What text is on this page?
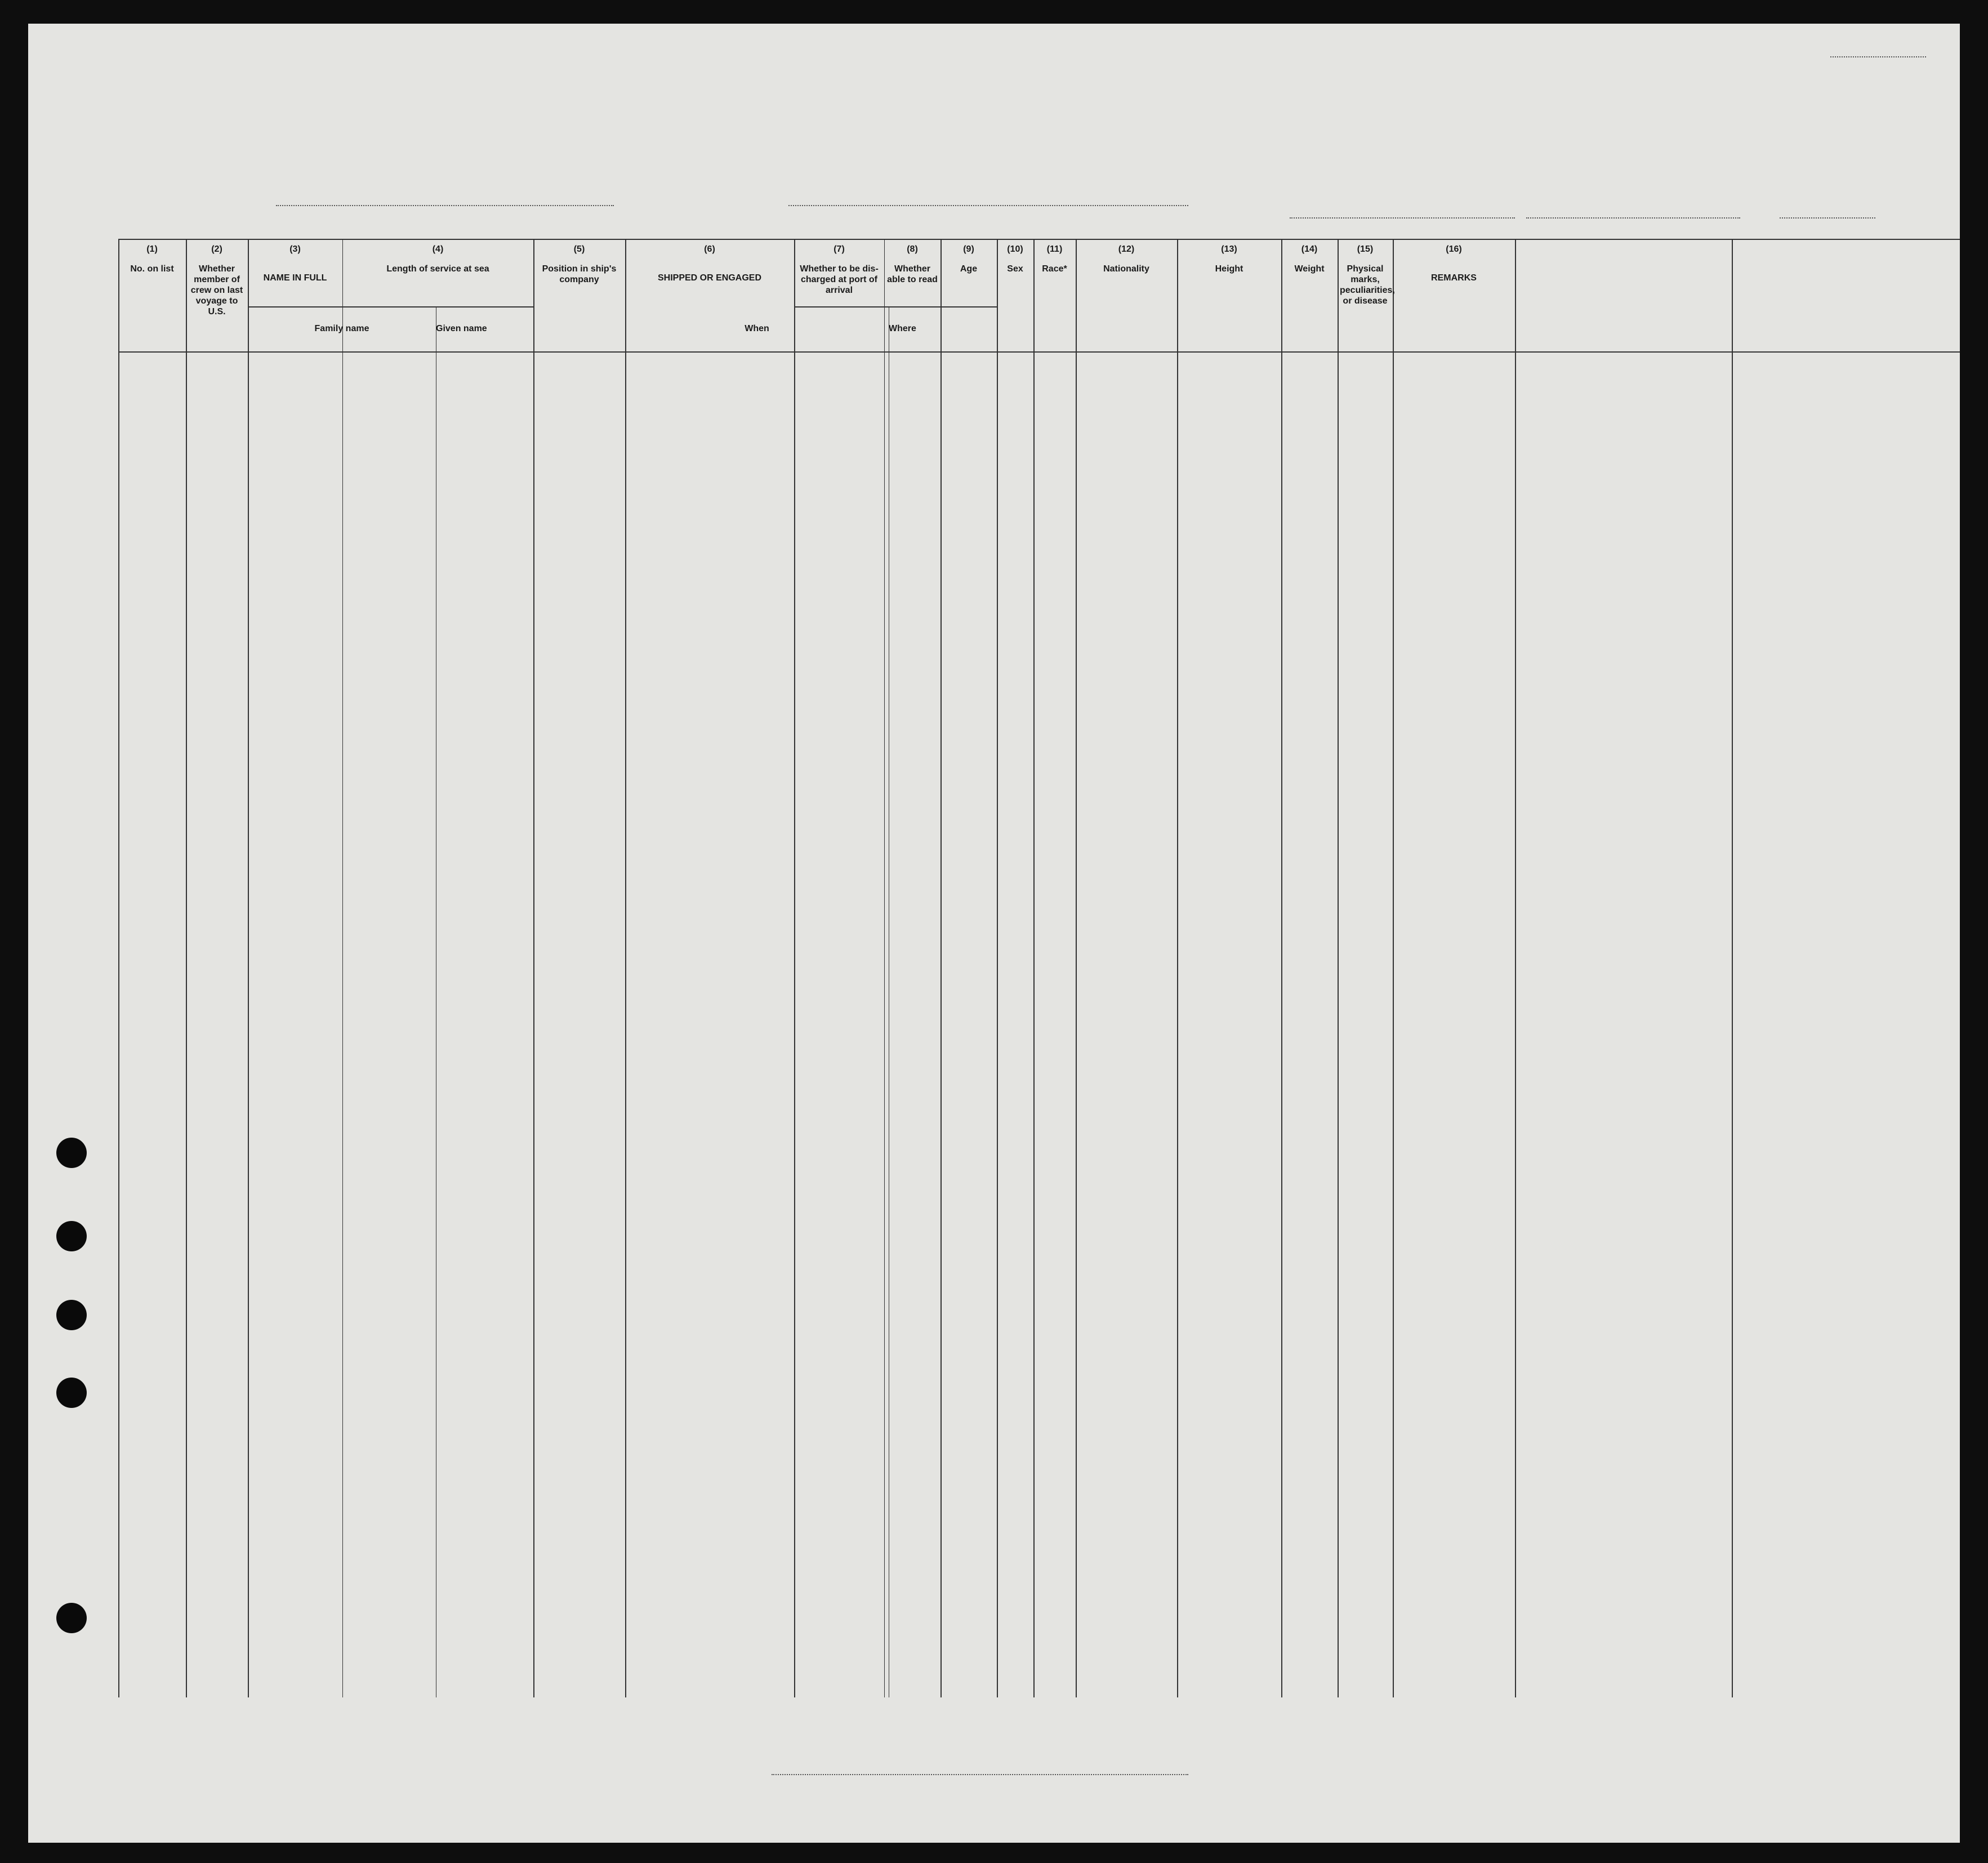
(1)
No. on list
(2)
Whether member of crew on last voyage to U.S.
(3)
NAME IN FULL
Family name	Given name
(4)
Length of service at sea
(5)
Position in ship's company
(6)
SHIPPED OR ENGAGED
When	Where
(7)
Whether to be dis-charged at port of arrival
(8)
Whether able to read
(9)
Age
(10)
Sex
(11)
Race*
(12)
Nationality
(13)
Height
(14)
Weight
(15)
Physical marks, peculiarities, or disease
(16)
REMARKS
